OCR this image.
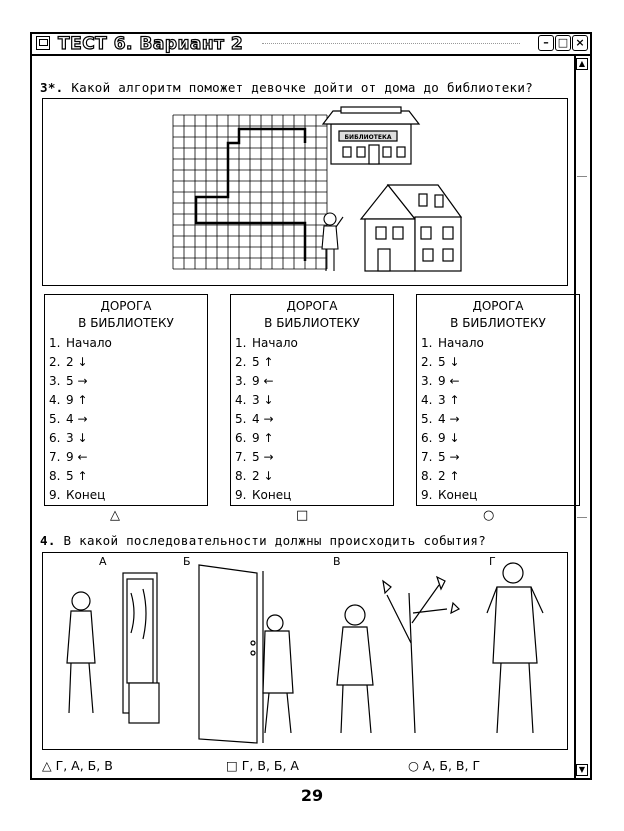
ТЕСТ 6. Вариант 2	– □ ×
▲
▼
3*. Какой алгоритм поможет девочке дойти от дома до библиотеки?
БИБЛИОТЕКА
ДОРОГА
В БИБЛИОТЕКУ
1. Начало
2. 2 ↓
3. 5 →
4. 9 ↑
5. 4 →
6. 3 ↓
7. 9 ←
8. 5 ↑
9. Конец
ДОРОГА
В БИБЛИОТЕКУ
1. Начало
2. 5 ↑
3. 9 ←
4. 3 ↓
5. 4 →
6. 9 ↑
7. 5 →
8. 2 ↓
9. Конец
ДОРОГА
В БИБЛИОТЕКУ
1. Начало
2. 5 ↓
3. 9 ←
4. 3 ↑
5. 4 →
6. 9 ↓
7. 5 →
8. 2 ↑
9. Конец
△	□	○
4. В какой последовательности должны происходить события?
А	Б	В	Г
△ Г, А, Б, В	□ Г, В, Б, А	○ А, Б, В, Г
29
